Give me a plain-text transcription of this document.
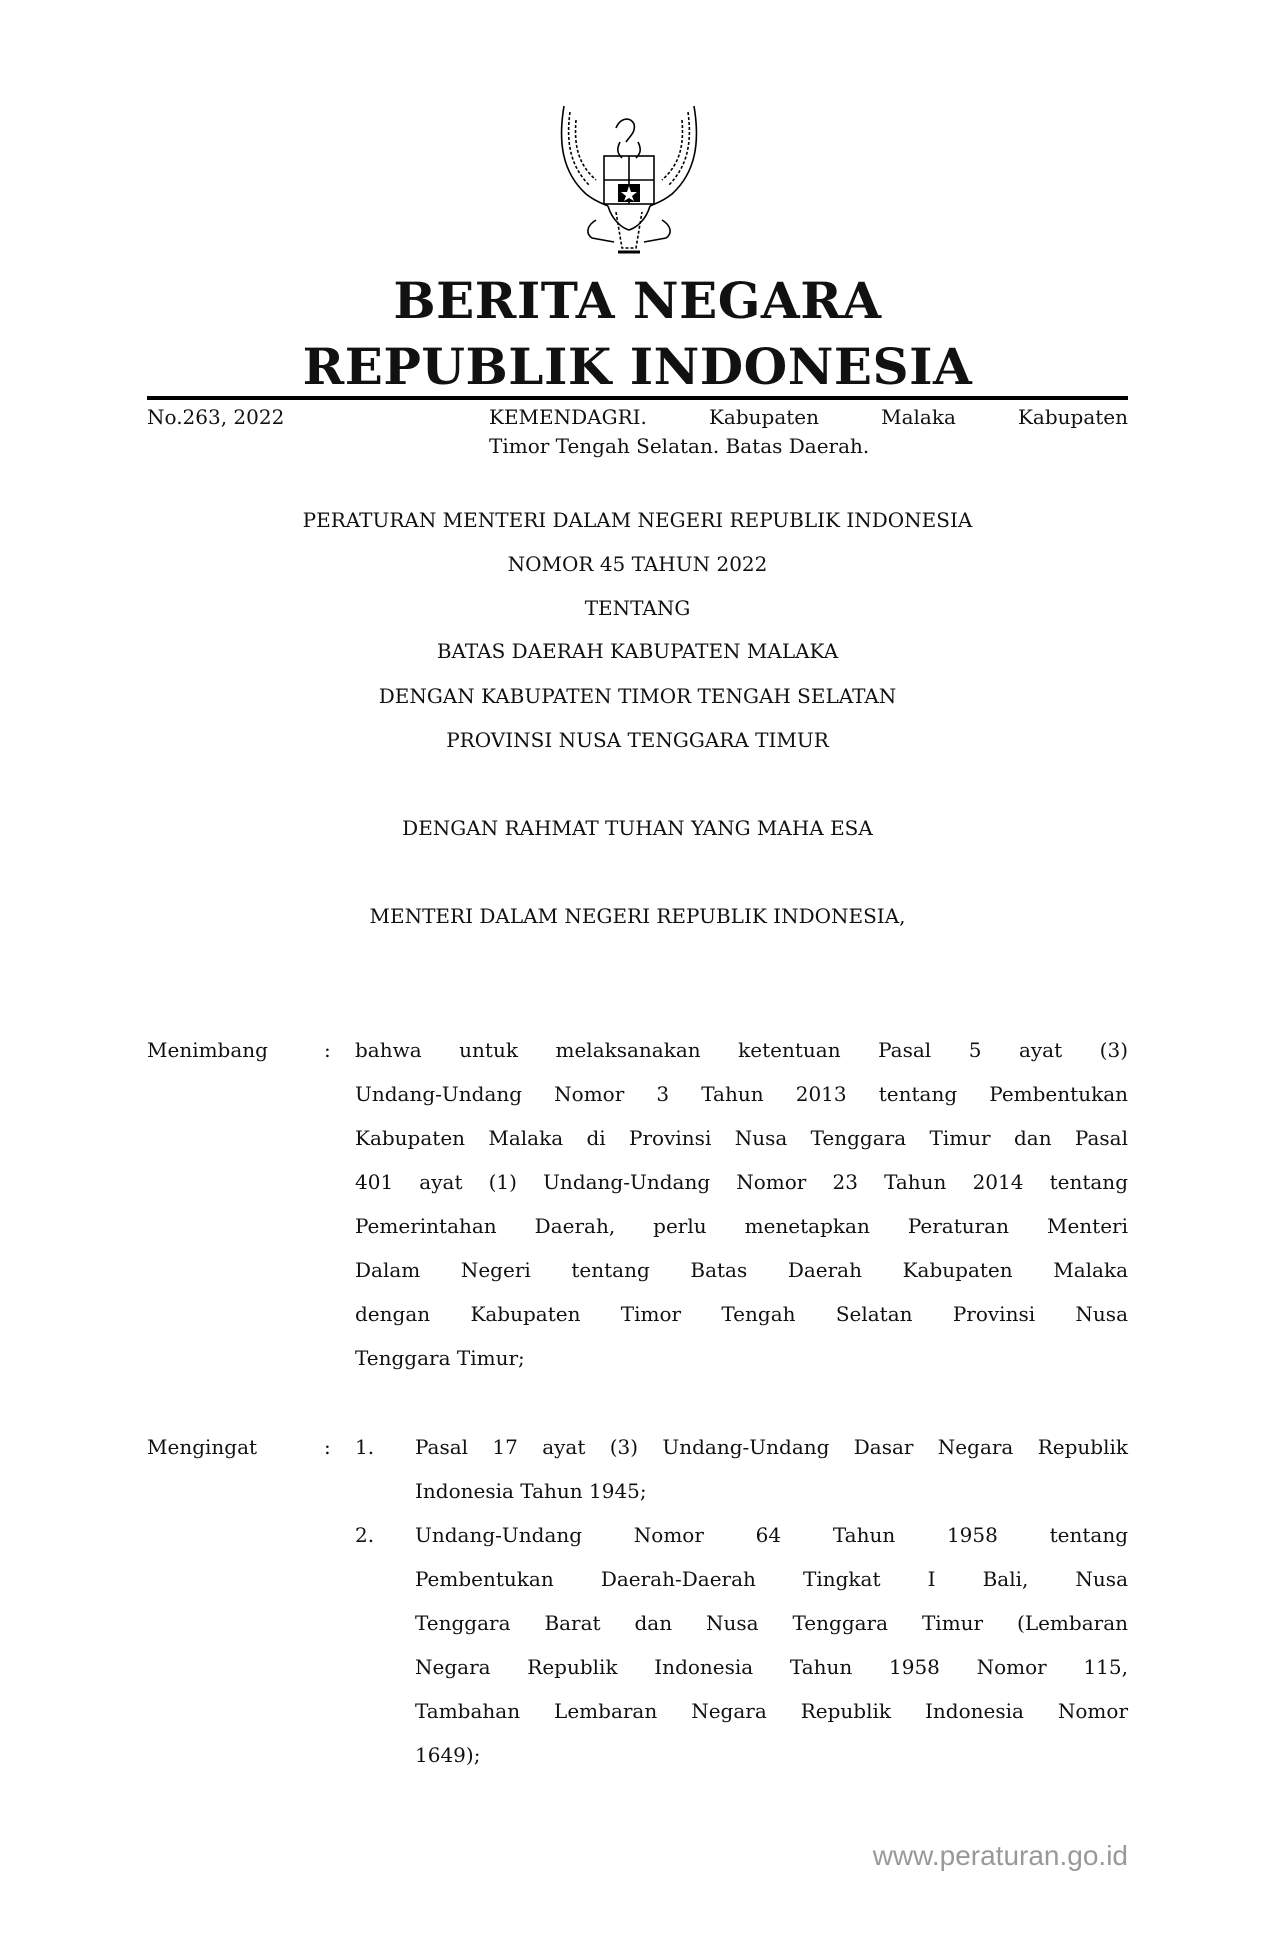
BERITA NEGARA
REPUBLIK INDONESIA
No.263, 2022	KEMENDAGRI. Kabupaten Malaka Kabupaten
Timor Tengah Selatan. Batas Daerah.
PERATURAN MENTERI DALAM NEGERI REPUBLIK INDONESIA
NOMOR 45 TAHUN 2022
TENTANG
BATAS DAERAH KABUPATEN MALAKA
DENGAN KABUPATEN TIMOR TENGAH SELATAN
PROVINSI NUSA TENGGARA TIMUR
DENGAN RAHMAT TUHAN YANG MAHA ESA
MENTERI DALAM NEGERI REPUBLIK INDONESIA,
Menimbang	: bahwa untuk melaksanakan ketentuan Pasal 5 ayat (3)
Undang-Undang Nomor 3 Tahun 2013 tentang Pembentukan
Kabupaten Malaka di Provinsi Nusa Tenggara Timur dan Pasal
401 ayat (1) Undang-Undang Nomor 23 Tahun 2014 tentang
Pemerintahan Daerah, perlu menetapkan Peraturan Menteri
Dalam Negeri tentang Batas Daerah Kabupaten Malaka
dengan Kabupaten Timor Tengah Selatan Provinsi Nusa
Tenggara Timur;
Mengingat	: 1. Pasal 17 ayat (3) Undang-Undang Dasar Negara Republik
Indonesia Tahun 1945;
2. Undang-Undang Nomor 64 Tahun 1958 tentang
Pembentukan Daerah-Daerah Tingkat I Bali, Nusa
Tenggara Barat dan Nusa Tenggara Timur (Lembaran
Negara Republik Indonesia Tahun 1958 Nomor 115,
Tambahan Lembaran Negara Republik Indonesia Nomor
1649);
www.peraturan.go.id
